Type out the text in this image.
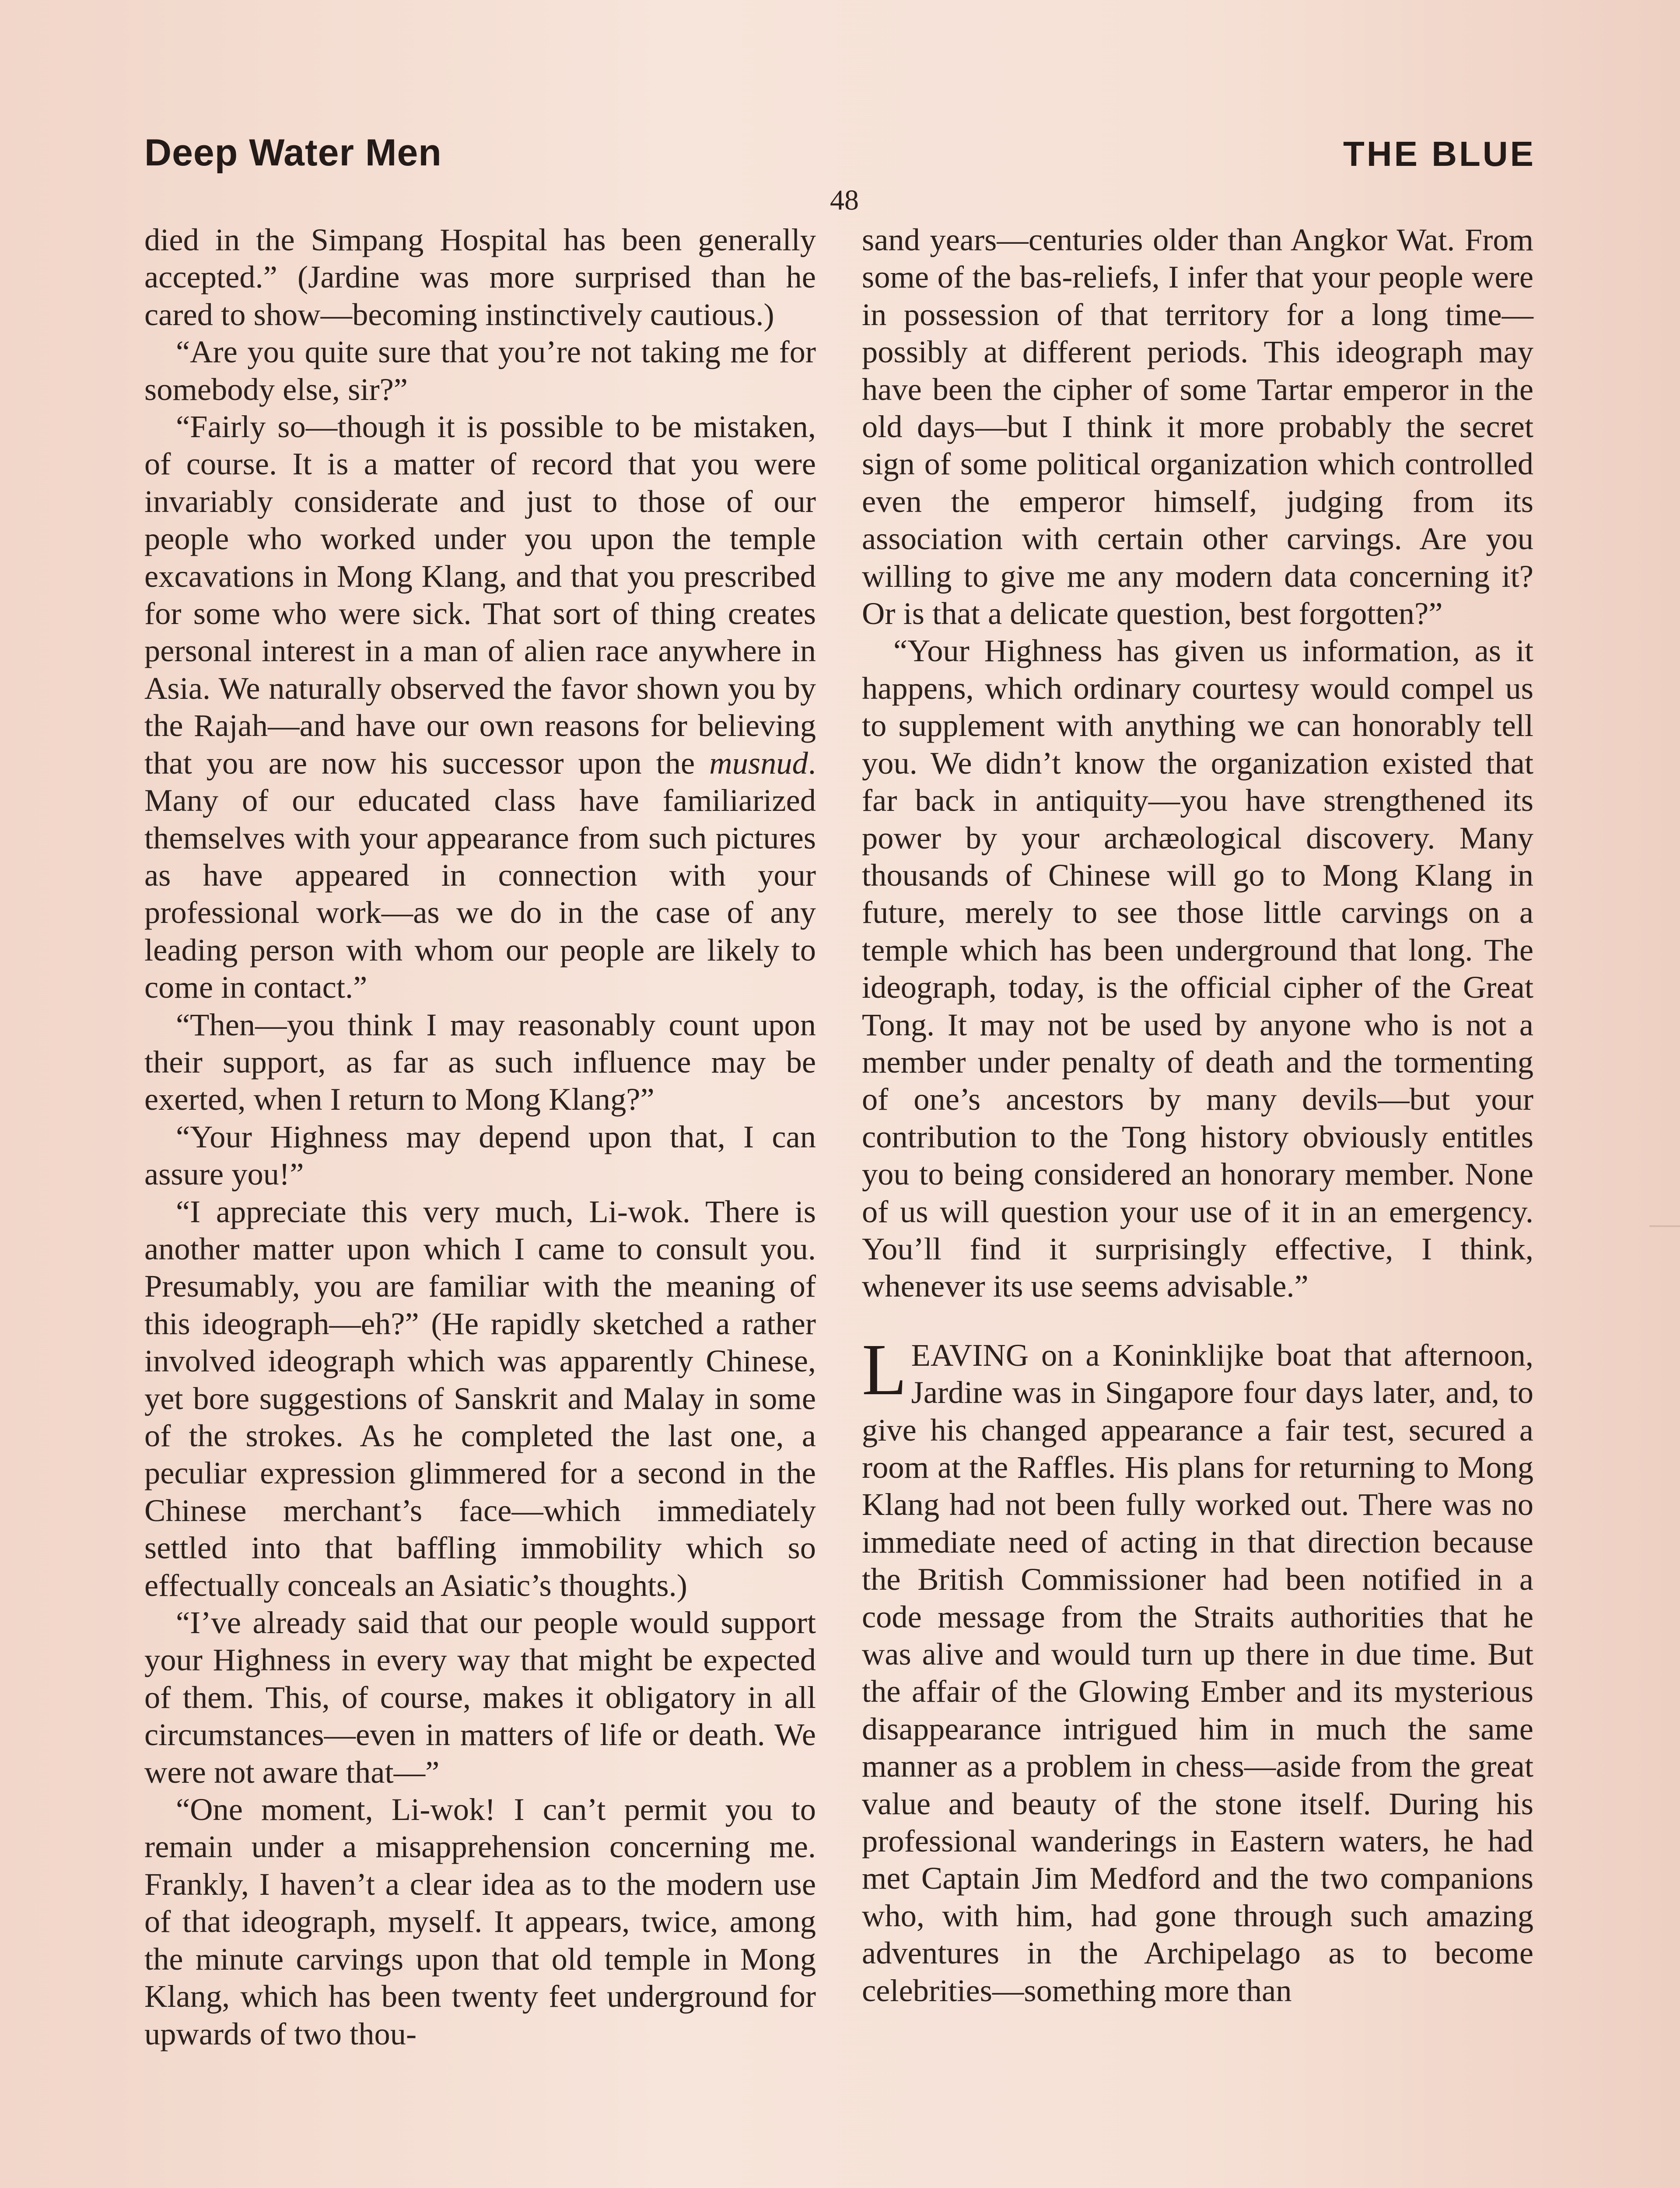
Deep Water Men	THE BLUE
48

died in the Simpang Hospital has been generally accepted.” (Jardine was more surprised than he cared to show—becoming instinctively cautious.)

“Are you quite sure that you’re not taking me for somebody else, sir?”

“Fairly so—though it is possible to be mistaken, of course. It is a matter of record that you were invariably considerate and just to those of our people who worked under you upon the temple excavations in Mong Klang, and that you prescribed for some who were sick. That sort of thing creates personal interest in a man of alien race anywhere in Asia. We naturally observed the favor shown you by the Rajah—and have our own reasons for believing that you are now his successor upon the musnud. Many of our educated class have familiarized themselves with your appearance from such pictures as have appeared in connection with your professional work—as we do in the case of any leading person with whom our people are likely to come in contact.”

“Then—you think I may reasonably count upon their support, as far as such influence may be exerted, when I return to Mong Klang?”

“Your Highness may depend upon that, I can assure you!”

“I appreciate this very much, Li-wok. There is another matter upon which I came to consult you. Presumably, you are familiar with the meaning of this ideograph—eh?” (He rapidly sketched a rather involved ideograph which was apparently Chinese, yet bore suggestions of Sanskrit and Malay in some of the strokes. As he completed the last one, a peculiar expression glimmered for a second in the Chinese merchant’s face—which immediately settled into that baffling immobility which so effectually conceals an Asiatic’s thoughts.)

“I’ve already said that our people would support your Highness in every way that might be expected of them. This, of course, makes it obligatory in all circumstances—even in matters of life or death. We were not aware that—”

“One moment, Li-wok! I can’t permit you to remain under a misapprehension concerning me. Frankly, I haven’t a clear idea as to the modern use of that ideograph, myself. It appears, twice, among the minute carvings upon that old temple in Mong Klang, which has been twenty feet underground for upwards of two thou-

sand years—centuries older than Angkor Wat. From some of the bas-reliefs, I infer that your people were in possession of that territory for a long time—possibly at different periods. This ideograph may have been the cipher of some Tartar emperor in the old days—but I think it more probably the secret sign of some political organization which controlled even the emperor himself, judging from its association with certain other carvings. Are you willing to give me any modern data concerning it? Or is that a delicate question, best forgotten?”

“Your Highness has given us information, as it happens, which ordinary courtesy would compel us to supplement with anything we can honorably tell you. We didn’t know the organization existed that far back in antiquity—you have strengthened its power by your archæological discovery. Many thousands of Chinese will go to Mong Klang in future, merely to see those little carvings on a temple which has been underground that long. The ideograph, today, is the official cipher of the Great Tong. It may not be used by anyone who is not a member under penalty of death and the tormenting of one’s ancestors by many devils—but your contribution to the Tong history obviously entitles you to being considered an honorary member. None of us will question your use of it in an emergency. You’ll find it surprisingly effective, I think, whenever its use seems advisable.”

LEAVING on a Koninklijke boat that afternoon, Jardine was in Singapore four days later, and, to give his changed appearance a fair test, secured a room at the Raffles. His plans for returning to Mong Klang had not been fully worked out. There was no immediate need of acting in that direction because the British Commissioner had been notified in a code message from the Straits authorities that he was alive and would turn up there in due time. But the affair of the Glowing Ember and its mysterious disappearance intrigued him in much the same manner as a problem in chess—aside from the great value and beauty of the stone itself. During his professional wanderings in Eastern waters, he had met Captain Jim Medford and the two companions who, with him, had gone through such amazing adventures in the Archipelago as to become celebrities—something more than
